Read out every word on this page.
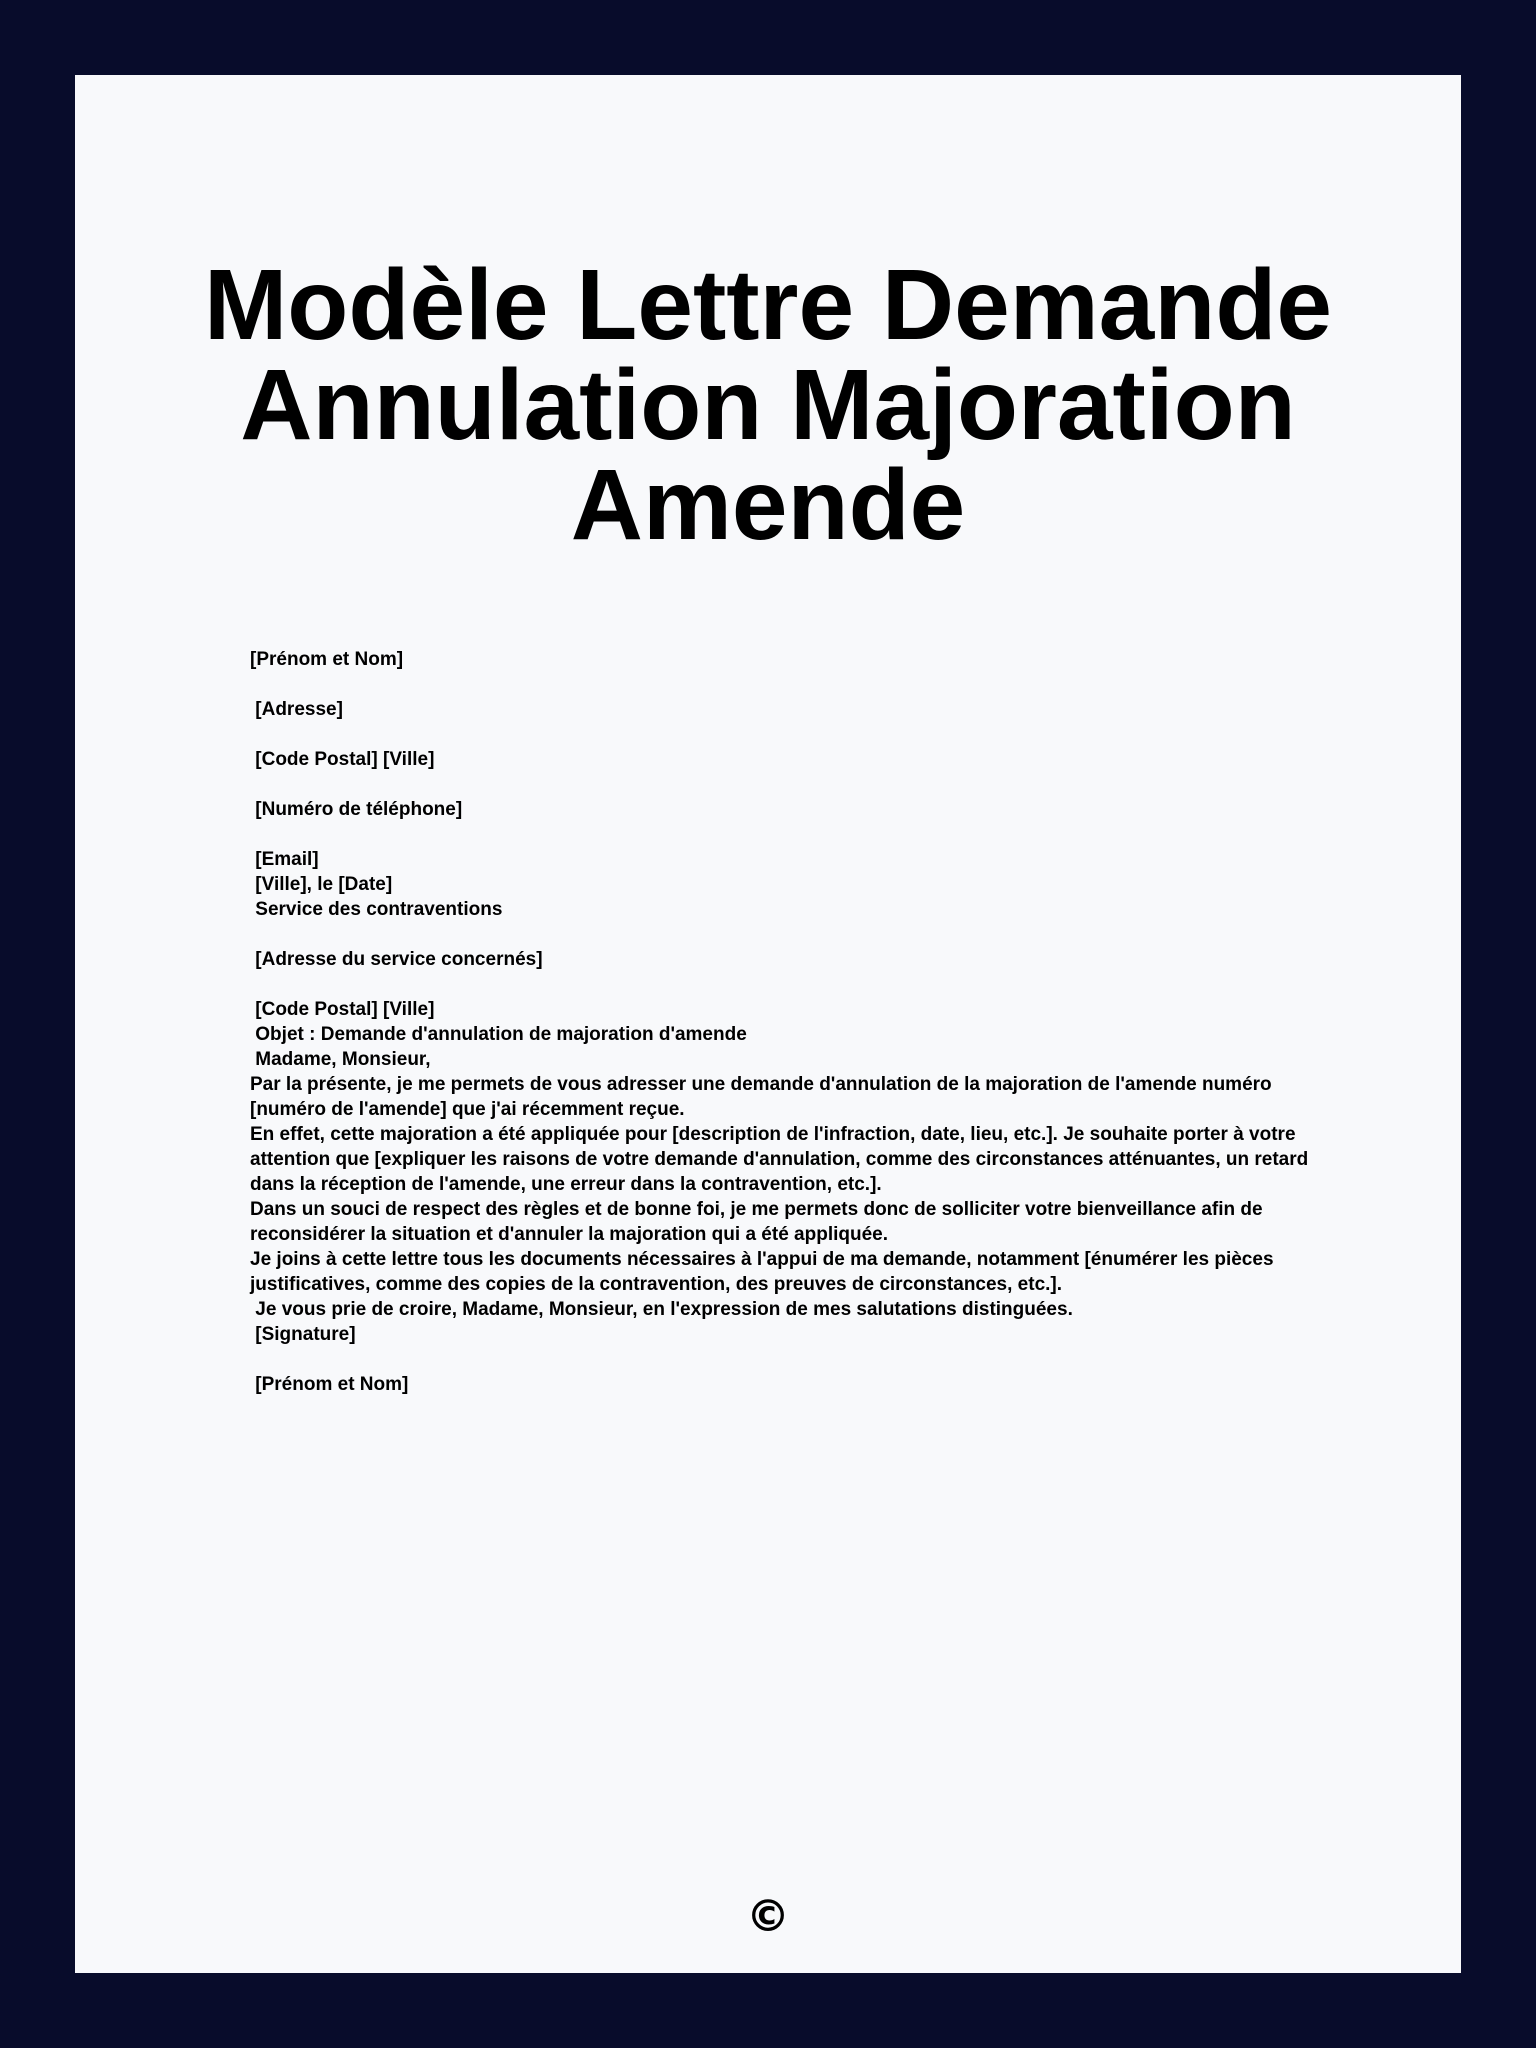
Modèle Lettre Demande Annulation Majoration Amende
[Prénom et Nom]
[Adresse]
[Code Postal] [Ville]
[Numéro de téléphone]
[Email]
[Ville], le [Date]
Service des contraventions
[Adresse du service concernés]
[Code Postal] [Ville]
Objet : Demande d'annulation de majoration d'amende
Madame, Monsieur,
Par la présente, je me permets de vous adresser une demande d'annulation de la majoration de l'amende numéro [numéro de l'amende] que j'ai récemment reçue.
En effet, cette majoration a été appliquée pour [description de l'infraction, date, lieu, etc.]. Je souhaite porter à votre attention que [expliquer les raisons de votre demande d'annulation, comme des circonstances atténuantes, un retard dans la réception de l'amende, une erreur dans la contravention, etc.].
Dans un souci de respect des règles et de bonne foi, je me permets donc de solliciter votre bienveillance afin de reconsidérer la situation et d'annuler la majoration qui a été appliquée.
Je joins à cette lettre tous les documents nécessaires à l'appui de ma demande, notamment [énumérer les pièces justificatives, comme des copies de la contravention, des preuves de circonstances, etc.].
Je vous prie de croire, Madame, Monsieur, en l'expression de mes salutations distinguées.
[Signature]
[Prénom et Nom]
©
